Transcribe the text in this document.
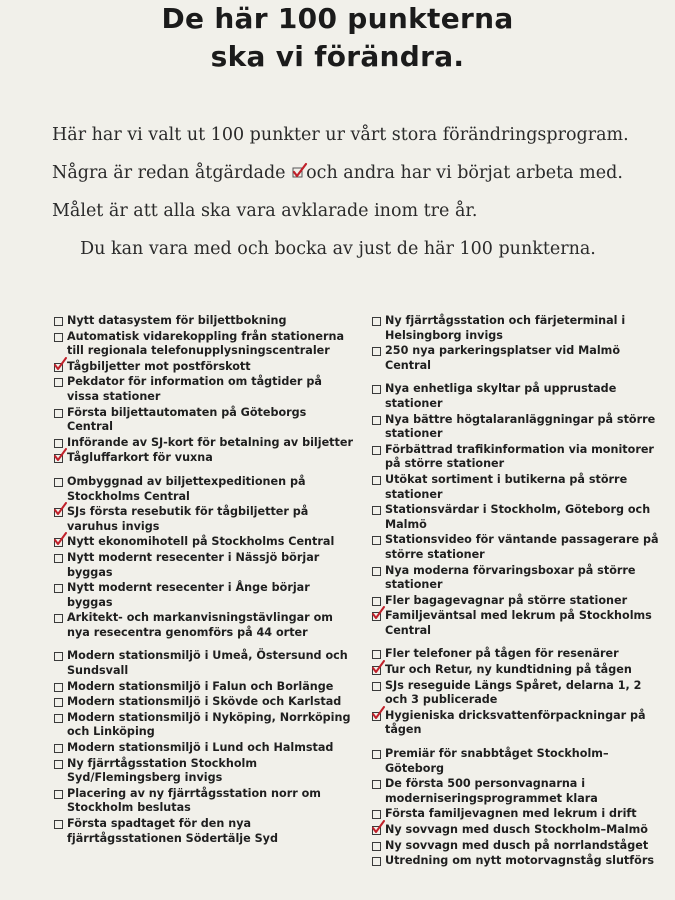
De här 100 punkterna
ska vi förändra.
Här har vi valt ut 100 punkter ur vårt stora förändringsprogram.
Några är redan åtgärdade och andra har vi börjat arbeta med.
Målet är att alla ska vara avklarade inom tre år.
Du kan vara med och bocka av just de här 100 punkterna.
Nytt datasystem för biljettbokning
Automatisk vidarekoppling från stationerna till regionala telefonupplysningscentraler
Tågbiljetter mot postförskott
Pekdator för information om tågtider på vissa stationer
Första biljettautomaten på Göteborgs Central
Införande av SJ-kort för betalning av biljetter
Tågluffarkort för vuxna
Ombyggnad av biljettexpeditionen på Stockholms Central
SJs första resebutik för tågbiljetter på varuhus invigs
Nytt ekonomihotell på Stockholms Central
Nytt modernt resecenter i Nässjö börjar byggas
Nytt modernt resecenter i Ånge börjar byggas
Arkitekt- och markanvisningstävlingar om nya resecentra genomförs på 44 orter
Modern stationsmiljö i Umeå, Östersund och Sundsvall
Modern stationsmiljö i Falun och Borlänge
Modern stationsmiljö i Skövde och Karlstad
Modern stationsmiljö i Nyköping, Norrköping och Linköping
Modern stationsmiljö i Lund och Halmstad
Ny fjärrtågsstation Stockholm Syd/Flemingsberg invigs
Placering av ny fjärrtågsstation norr om Stockholm beslutas
Första spadtaget för den nya fjärrtågsstationen Södertälje Syd
Ny fjärrtågsstation och färjeterminal i Helsingborg invigs
250 nya parkeringsplatser vid Malmö Central
Nya enhetliga skyltar på upprustade stationer
Nya bättre högtalaranläggningar på större stationer
Förbättrad trafikinformation via monitorer på större stationer
Utökat sortiment i butikerna på större stationer
Stationsvärdar i Stockholm, Göteborg och Malmö
Stationsvideo för väntande passagerare på större stationer
Nya moderna förvaringsboxar på större stationer
Fler bagagevagnar på större stationer
Familjeväntsal med lekrum på Stockholms Central
Fler telefoner på tågen för resenärer
Tur och Retur, ny kundtidning på tågen
SJs reseguide Längs Spåret, delarna 1, 2 och 3 publicerade
Hygieniska dricksvattenförpackningar på tågen
Premiär för snabbtåget Stockholm–Göteborg
De första 500 personvagnarna i moderniseringsprogrammet klara
Första familjevagnen med lekrum i drift
Ny sovvagn med dusch Stockholm–Malmö
Ny sovvagn med dusch på norrlandståget
Utredning om nytt motorvagnståg slutförs
